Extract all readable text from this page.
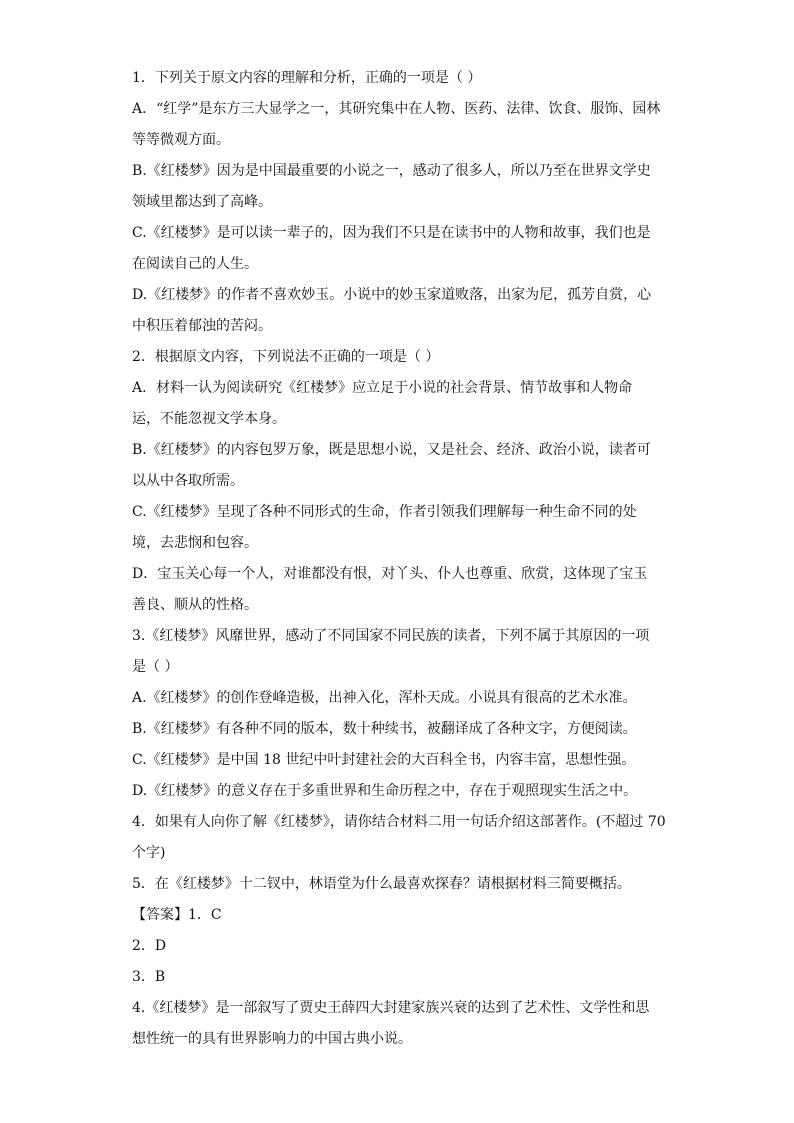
1．下列关于原文内容的理解和分析，正确的一项是（ ）
A．“红学”是东方三大显学之一，其研究集中在人物、医药、法律、饮食、服饰、园林
等等微观方面。
B.《红楼梦》因为是中国最重要的小说之一，感动了很多人，所以乃至在世界文学史
领域里都达到了高峰。
C.《红楼梦》是可以读一辈子的，因为我们不只是在读书中的人物和故事，我们也是
在阅读自己的人生。
D.《红楼梦》的作者不喜欢妙玉。小说中的妙玉家道败落，出家为尼，孤芳自赏，心
中积压着郁浊的苦闷。
2．根据原文内容，下列说法不正确的一项是（ ）
A．材料一认为阅读研究《红楼梦》应立足于小说的社会背景、情节故事和人物命
运，不能忽视文学本身。
B.《红楼梦》的内容包罗万象，既是思想小说，又是社会、经济、政治小说，读者可
以从中各取所需。
C.《红楼梦》呈现了各种不同形式的生命，作者引领我们理解每一种生命不同的处
境，去悲悯和包容。
D．宝玉关心每一个人，对谁都没有恨，对丫头、仆人也尊重、欣赏，这体现了宝玉
善良、顺从的性格。
3.《红楼梦》风靡世界，感动了不同国家不同民族的读者，下列不属于其原因的一项
是（ ）
A.《红楼梦》的创作登峰造极，出神入化，浑朴天成。小说具有很高的艺术水准。
B.《红楼梦》有各种不同的版本，数十种续书，被翻译成了各种文字，方便阅读。
C.《红楼梦》是中国 18 世纪中叶封建社会的大百科全书，内容丰富，思想性强。
D.《红楼梦》的意义存在于多重世界和生命历程之中，存在于观照现实生活之中。
4．如果有人向你了解《红楼梦》，请你结合材料二用一句话介绍这部著作。(不超过 70
个字)
5．在《红楼梦》十二钗中，林语堂为什么最喜欢探春？请根据材料三简要概括。
【答案】1．C
2．D
3．B
4.《红楼梦》是一部叙写了贾史王薛四大封建家族兴衰的达到了艺术性、文学性和思
想性统一的具有世界影响力的中国古典小说。
